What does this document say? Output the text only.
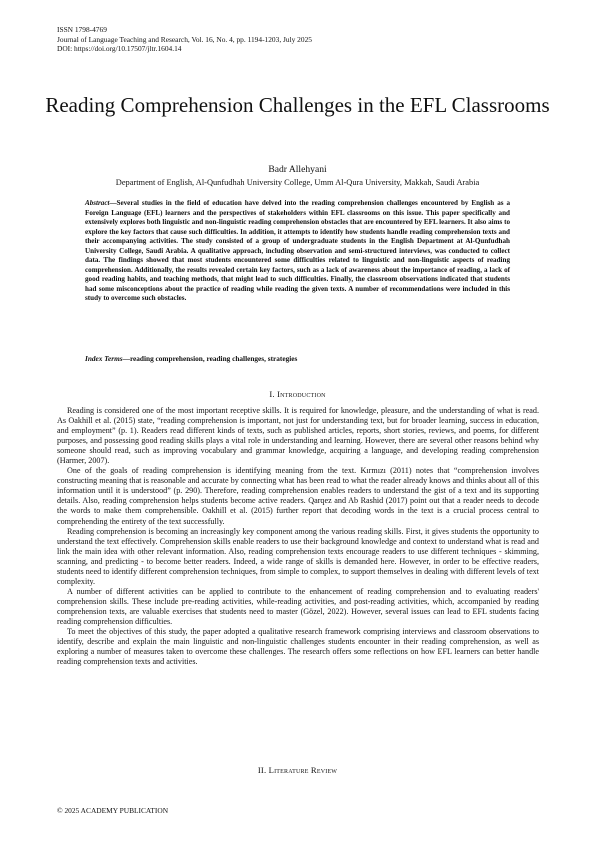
ISSN 1798-4769
Journal of Language Teaching and Research, Vol. 16, No. 4, pp. 1194-1203, July 2025
DOI: https://doi.org/10.17507/jltr.1604.14
Reading Comprehension Challenges in the EFL Classrooms
Badr Allehyani
Department of English, Al-Qunfudhah University College, Umm Al-Qura University, Makkah, Saudi Arabia
Abstract—Several studies in the field of education have delved into the reading comprehension challenges encountered by English as a Foreign Language (EFL) learners and the perspectives of stakeholders within EFL classrooms on this issue. This paper specifically and extensively explores both linguistic and non-linguistic reading comprehension obstacles that are encountered by EFL learners. It also aims to explore the key factors that cause such difficulties. In addition, it attempts to identify how students handle reading comprehension texts and their accompanying activities. The study consisted of a group of undergraduate students in the English Department at Al-Qunfudhah University College, Saudi Arabia. A qualitative approach, including observation and semi-structured interviews, was conducted to collect data. The findings showed that most students encountered some difficulties related to linguistic and non-linguistic aspects of reading comprehension. Additionally, the results revealed certain key factors, such as a lack of awareness about the importance of reading, a lack of good reading habits, and teaching methods, that might lead to such difficulties. Finally, the classroom observations indicated that students had some misconceptions about the practice of reading while reading the given texts. A number of recommendations were included in this study to overcome such obstacles.
Index Terms—reading comprehension, reading challenges, strategies
I. Introduction

Reading is considered one of the most important receptive skills. It is required for knowledge, pleasure, and the understanding of what is read. As Oakhill et al. (2015) state, “reading comprehension is important, not just for understanding text, but for broader learning, success in education, and employment” (p. 1). Readers read different kinds of texts, such as published articles, reports, short stories, reviews, and poems, for different purposes, and possessing good reading skills plays a vital role in understanding and learning. However, there are several other reasons behind why someone should read, such as improving vocabulary and grammar knowledge, acquiring a language, and developing reading comprehension (Harmer, 2007).

One of the goals of reading comprehension is identifying meaning from the text. Kırmızı (2011) notes that “comprehension involves constructing meaning that is reasonable and accurate by connecting what has been read to what the reader already knows and thinks about all of this information until it is understood” (p. 290). Therefore, reading comprehension enables readers to understand the gist of a text and its supporting details. Also, reading comprehension helps students become active readers. Qarqez and Ab Rashid (2017) point out that a reader needs to decode the words to make them comprehensible. Oakhill et al. (2015) further report that decoding words in the text is a crucial process central to comprehending the entirety of the text successfully.

Reading comprehension is becoming an increasingly key component among the various reading skills. First, it gives students the opportunity to understand the text effectively. Comprehension skills enable readers to use their background knowledge and context to understand what is read and link the main idea with other relevant information. Also, reading comprehension texts encourage readers to use different techniques - skimming, scanning, and predicting - to become better readers. Indeed, a wide range of skills is demanded here. However, in order to be effective readers, students need to identify different comprehension techniques, from simple to complex, to support themselves in dealing with different levels of text complexity.

A number of different activities can be applied to contribute to the enhancement of reading comprehension and to evaluating readers' comprehension skills. These include pre-reading activities, while-reading activities, and post-reading activities, which, accompanied by reading comprehension texts, are valuable exercises that students need to master (Gözel, 2022). However, several issues can lead to EFL students facing reading comprehension difficulties.

To meet the objectives of this study, the paper adopted a qualitative research framework comprising interviews and classroom observations to identify, describe and explain the main linguistic and non-linguistic challenges students encounter in their reading comprehension, as well as exploring a number of measures taken to overcome these challenges. The research offers some reflections on how EFL learners can better handle reading comprehension texts and activities.

II. Literature Review
© 2025 ACADEMY PUBLICATION
